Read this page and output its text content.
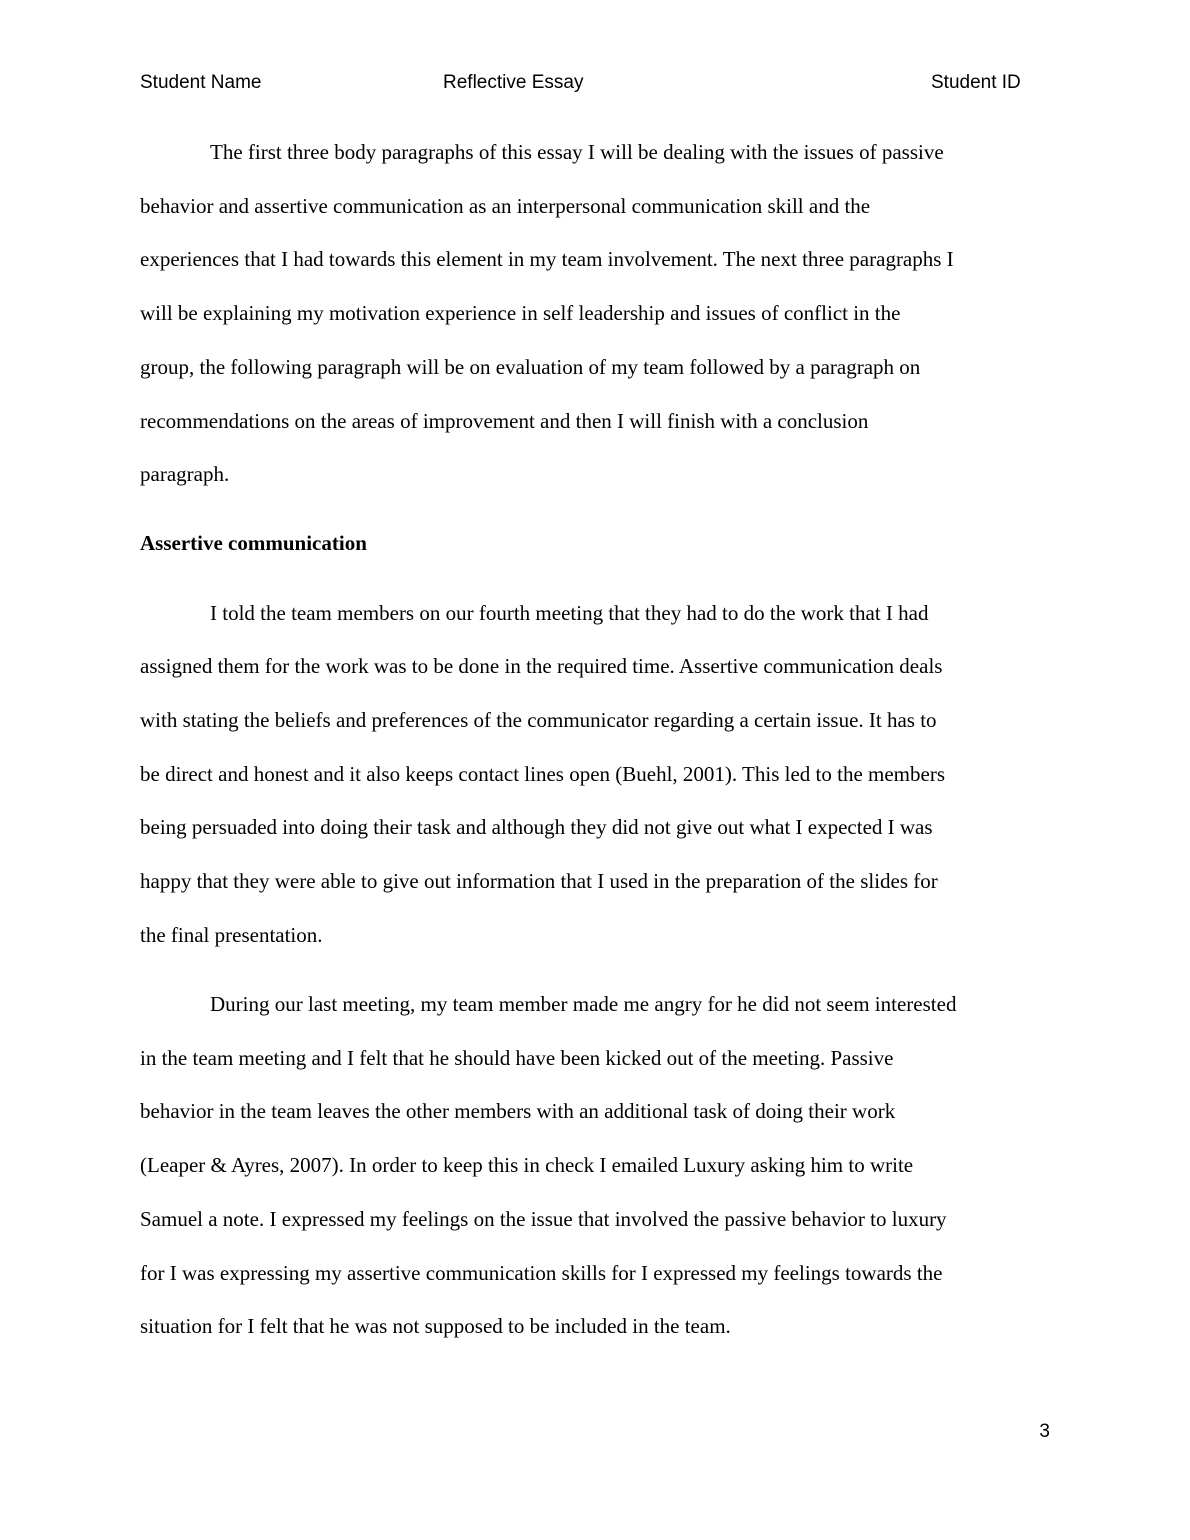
Student Name	Reflective Essay	Student ID
The first three body paragraphs of this essay I will be dealing with the issues of passive
behavior and assertive communication as an interpersonal communication skill and the
experiences that I had towards this element in my team involvement. The next three paragraphs I
will be explaining my motivation experience in self leadership and issues of conflict in the
group, the following paragraph will be on evaluation of my team followed by a paragraph on
recommendations on the areas of improvement and then I will finish with a conclusion
paragraph.
Assertive communication
I told the team members on our fourth meeting that they had to do the work that I had
assigned them for the work was to be done in the required time. Assertive communication deals
with stating the beliefs and preferences of the communicator regarding a certain issue. It has to
be direct and honest and it also keeps contact lines open (Buehl, 2001). This led to the members
being persuaded into doing their task and although they did not give out what I expected I was
happy that they were able to give out information that I used in the preparation of the slides for
the final presentation.
During our last meeting, my team member made me angry for he did not seem interested
in the team meeting and I felt that he should have been kicked out of the meeting. Passive
behavior in the team leaves the other members with an additional task of doing their work
(Leaper & Ayres, 2007). In order to keep this in check I emailed Luxury asking him to write
Samuel a note. I expressed my feelings on the issue that involved the passive behavior to luxury
for I was expressing my assertive communication skills for I expressed my feelings towards the
situation for I felt that he was not supposed to be included in the team.
3
